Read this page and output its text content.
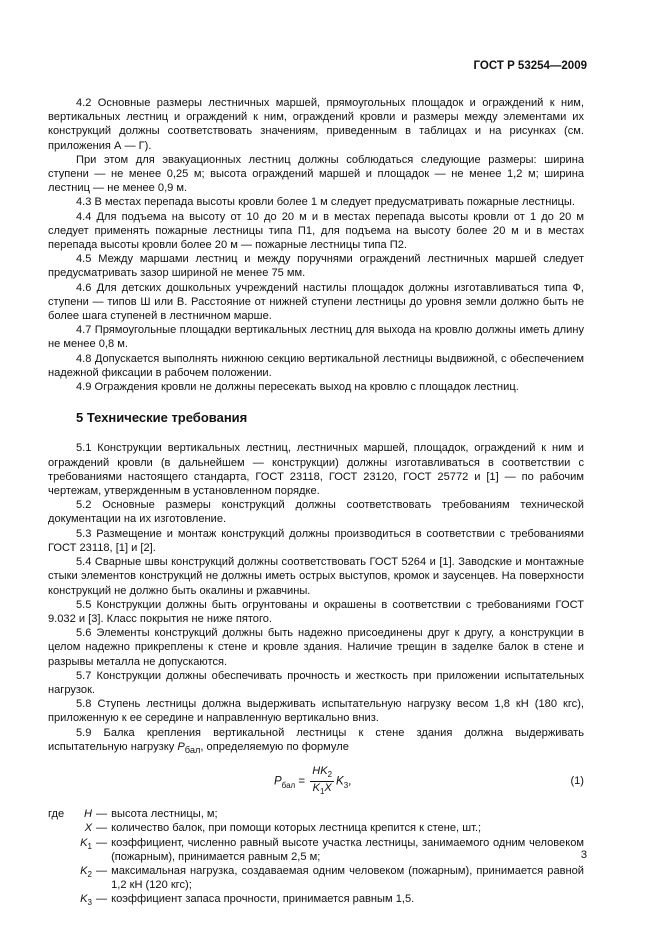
ГОСТ Р 53254—2009

4.2 Основные размеры лестничных маршей, прямоугольных площадок и ограждений к ним, вертикальных лестниц и ограждений к ним, ограждений кровли и размеры между элементами их конструкций должны соответствовать значениям, приведенным в таблицах и на рисунках (см. приложения А — Г).

При этом для эвакуационных лестниц должны соблюдаться следующие размеры: ширина ступени — не менее 0,25 м; высота ограждений маршей и площадок — не менее 1,2 м; ширина лестниц — не менее 0,9 м.

4.3 В местах перепада высоты кровли более 1 м следует предусматривать пожарные лестницы.

4.4 Для подъема на высоту от 10 до 20 м и в местах перепада высоты кровли от 1 до 20 м следует применять пожарные лестницы типа П1, для подъема на высоту более 20 м и в местах перепада высоты кровли более 20 м — пожарные лестницы типа П2.

4.5 Между маршами лестниц и между поручнями ограждений лестничных маршей следует предусматривать зазор шириной не менее 75 мм.

4.6 Для детских дошкольных учреждений настилы площадок должны изготавливаться типа Ф, ступени — типов Ш или В. Расстояние от нижней ступени лестницы до уровня земли должно быть не более шага ступеней в лестничном марше.

4.7 Прямоугольные площадки вертикальных лестниц для выхода на кровлю должны иметь длину не менее 0,8 м.

4.8 Допускается выполнять нижнюю секцию вертикальной лестницы выдвижной, с обеспечением надежной фиксации в рабочем положении.

4.9 Ограждения кровли не должны пересекать выход на кровлю с площадок лестниц.

5 Технические требования

5.1 Конструкции вертикальных лестниц, лестничных маршей, площадок, ограждений к ним и ограждений кровли (в дальнейшем — конструкции) должны изготавливаться в соответствии с требованиями настоящего стандарта, ГОСТ 23118, ГОСТ 23120, ГОСТ 25772 и [1] — по рабочим чертежам, утвержденным в установленном порядке.

5.2 Основные размеры конструкций должны соответствовать требованиям технической документации на их изготовление.

5.3 Размещение и монтаж конструкций должны производиться в соответствии с требованиями ГОСТ 23118, [1] и [2].

5.4 Сварные швы конструкций должны соответствовать ГОСТ 5264 и [1]. Заводские и монтажные стыки элементов конструкций не должны иметь острых выступов, кромок и заусенцев. На поверхности конструкций не должно быть окалины и ржавчины.

5.5 Конструкции должны быть огрунтованы и окрашены в соответствии с требованиями ГОСТ 9.032 и [3]. Класс покрытия не ниже пятого.

5.6 Элементы конструкций должны быть надежно присоединены друг к другу, а конструкции в целом надежно прикреплены к стене и кровле здания. Наличие трещин в заделке балок в стене и разрывы металла не допускаются.

5.7 Конструкции должны обеспечивать прочность и жесткость при приложении испытательных нагрузок.

5.8 Ступень лестницы должна выдерживать испытательную нагрузку весом 1,8 кН (180 кгс), приложенную к ее середине и направленную вертикально вниз.

5.9 Балка крепления вертикальной лестницы к стене здания должна выдерживать испытательную нагрузку $P_{бал}$, определяемую по формуле

$P_{бал} = \frac{HK_2}{K_1X} K_3$,	(1)
где H — высота лестницы, м;
X — количество балок, при помощи которых лестница крепится к стене, шт.;
$K_1$ — коэффициент, численно равный высоте участка лестницы, занимаемого одним человеком (пожарным), принимается равным 2,5 м;
$K_2$ — максимальная нагрузка, создаваемая одним человеком (пожарным), принимается равной 1,2 кН (120 кгс);
$K_3$ — коэффициент запаса прочности, принимается равным 1,5.
3
